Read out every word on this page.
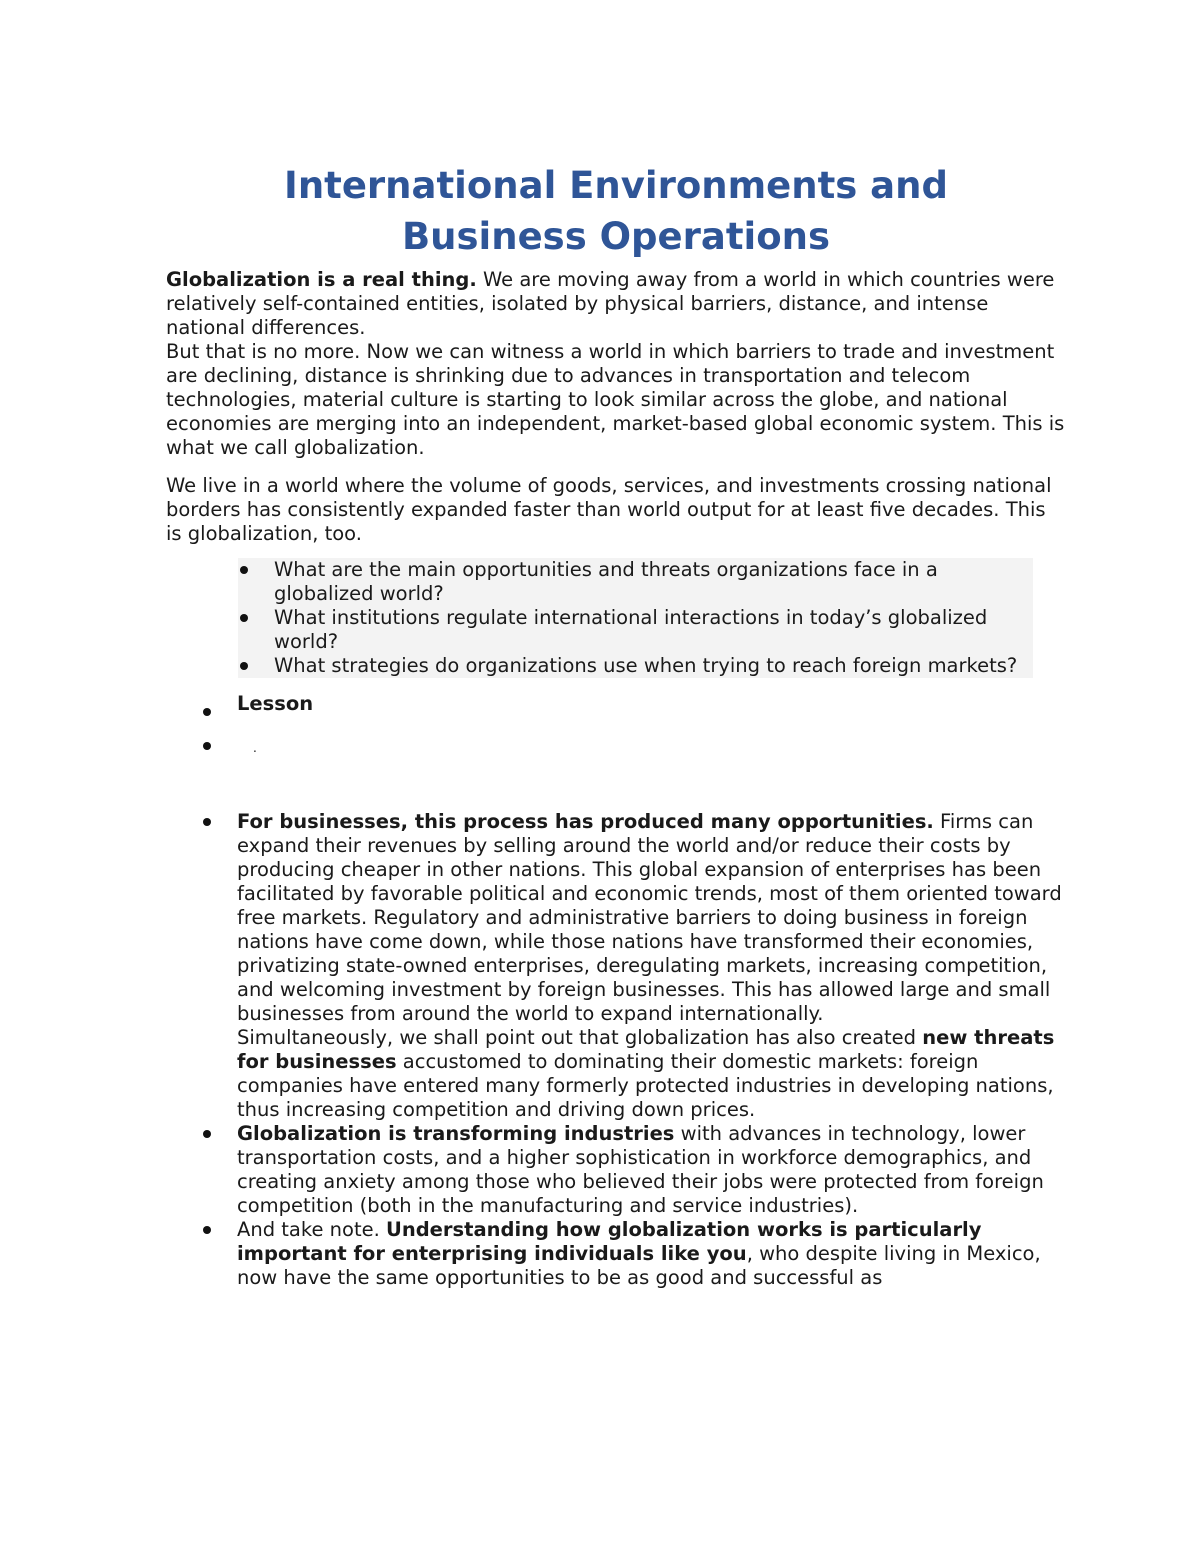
International Environments and
Business Operations

Globalization is a real thing. We are moving away from a world in which countries were relatively self-contained entities, isolated by physical barriers, distance, and intense national differences.
But that is no more. Now we can witness a world in which barriers to trade and investment are declining, distance is shrinking due to advances in transportation and telecom technologies, material culture is starting to look similar across the globe, and national economies are merging into an independent, market-based global economic system. This is what we call globalization.

We live in a world where the volume of goods, services, and investments crossing national borders has consistently expanded faster than world output for at least five decades. This is globalization, too.

What are the main opportunities and threats organizations face in a globalized world?
What institutions regulate international interactions in today’s globalized world?
What strategies do organizations use when trying to reach foreign markets?
Lesson
$_.$
For businesses, this process has produced many opportunities. Firms can expand their revenues by selling around the world and/or reduce their costs by producing cheaper in other nations. This global expansion of enterprises has been facilitated by favorable political and economic trends, most of them oriented toward free markets. Regulatory and administrative barriers to doing business in foreign nations have come down, while those nations have transformed their economies, privatizing state-owned enterprises, deregulating markets, increasing competition, and welcoming investment by foreign businesses. This has allowed large and small businesses from around the world to expand internationally.
Simultaneously, we shall point out that globalization has also created new threats for businesses accustomed to dominating their domestic markets: foreign companies have entered many formerly protected industries in developing nations, thus increasing competition and driving down prices.
Globalization is transforming industries with advances in technology, lower transportation costs, and a higher sophistication in workforce demographics, and creating anxiety among those who believed their jobs were protected from foreign competition (both in the manufacturing and service industries).
And take note. Understanding how globalization works is particularly important for enterprising individuals like you, who despite living in Mexico, now have the same opportunities to be as good and successful as
